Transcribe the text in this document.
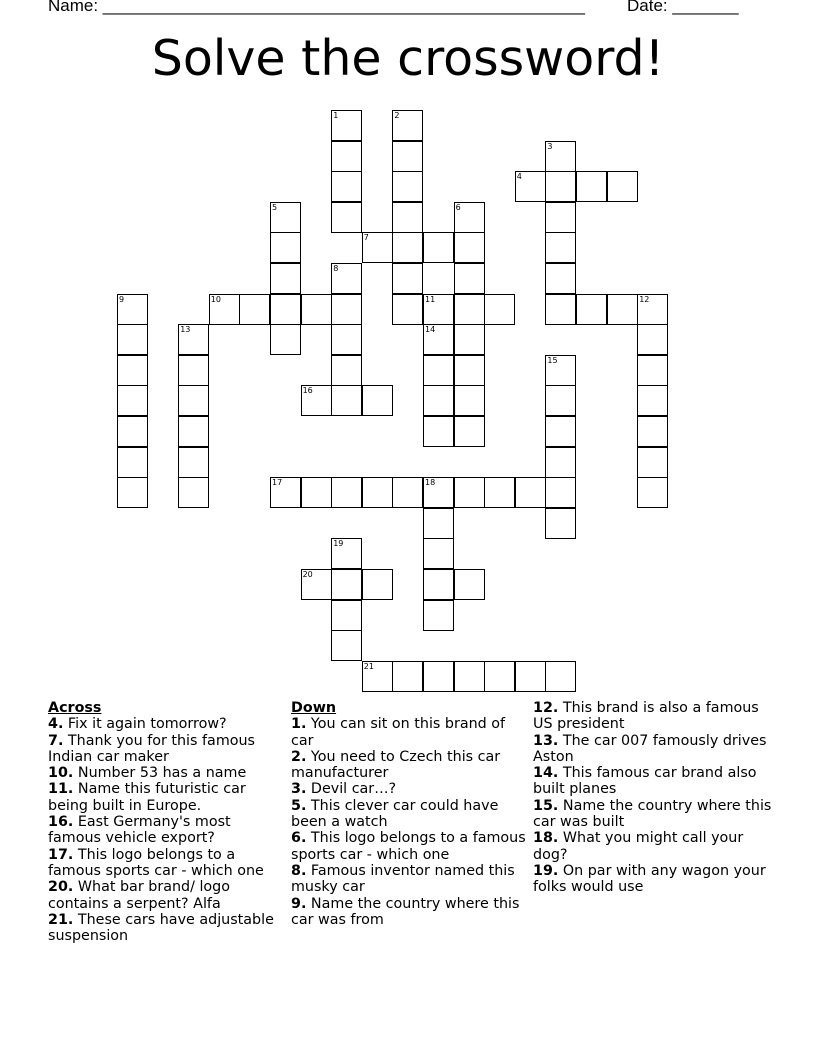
Name: ___________________________________________________ Date: _______
Solve the crossword!
1	2
3
4
5	6
7
8
9	10	11	12
13	14
15
16
17	18
19
20
21
Across

4. Fix it again tomorrow?

7. Thank you for this famous Indian car maker

10. Number 53 has a name

11. Name this futuristic car being built in Europe.

16. East Germany's most famous vehicle export?

17. This logo belongs to a famous sports car - which one

20. What bar brand/ logo contains a serpent? Alfa

21. These cars have adjustable suspension

Down

1. You can sit on this brand of car

2. You need to Czech this car manufacturer

3. Devil car…?

5. This clever car could have been a watch

6. This logo belongs to a famous sports car - which one

8. Famous inventor named this musky car

9. Name the country where this car was from

12. This brand is also a famous US president

13. The car 007 famously drives Aston

14. This famous car brand also built planes

15. Name the country where this car was built

18. What you might call your dog?

19. On par with any wagon your folks would use
